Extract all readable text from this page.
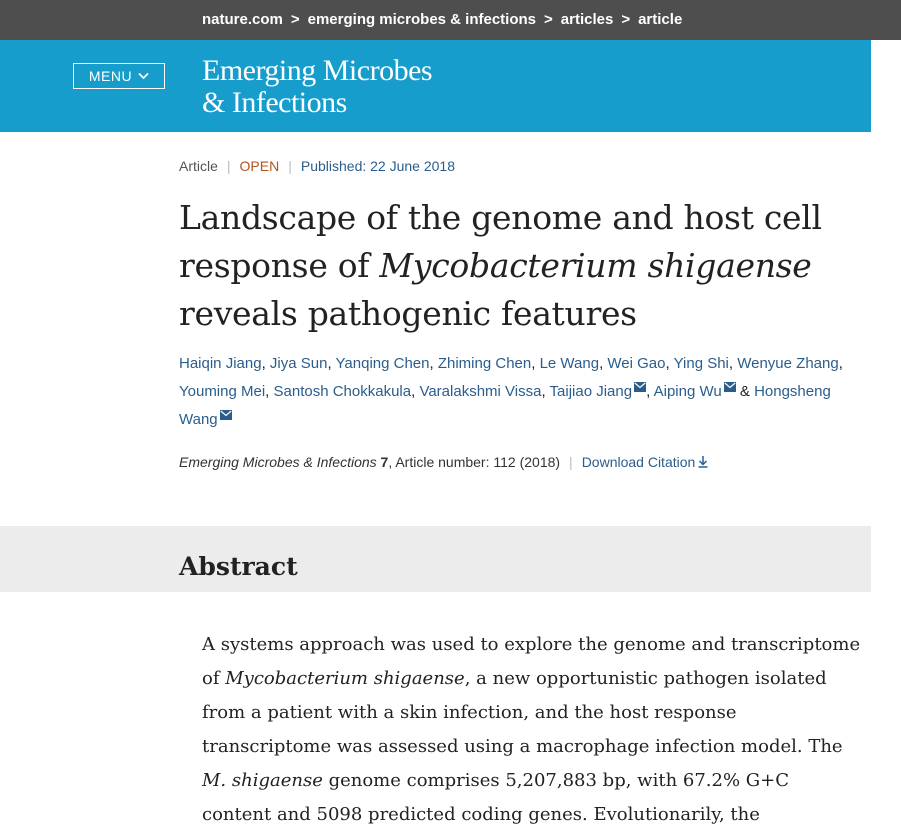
nature.com > emerging microbes & infections > articles > article
MENU Emerging Microbes
& Infections
Article | OPEN | Published: 22 June 2018
Landscape of the genome and host cell response of Mycobacterium shigaense reveals pathogenic features
Haiqin Jiang, Jiya Sun, Yanqing Chen, Zhiming Chen, Le Wang, Wei Gao, Ying Shi, Wenyue Zhang, Youming Mei, Santosh Chokkakula, Varalakshmi Vissa, Taijiao Jiang , Aiping Wu & Hongsheng Wang
Emerging Microbes & Infections 7, Article number: 112 (2018) | Download Citation
Abstract

A systems approach was used to explore the genome and transcriptome of Mycobacterium shigaense, a new opportunistic pathogen isolated from a patient with a skin infection, and the host response transcriptome was assessed using a macrophage infection model. The M. shigaense genome comprises 5,207,883 bp, with 67.2% G+C content and 5098 predicted coding genes. Evolutionarily, the
